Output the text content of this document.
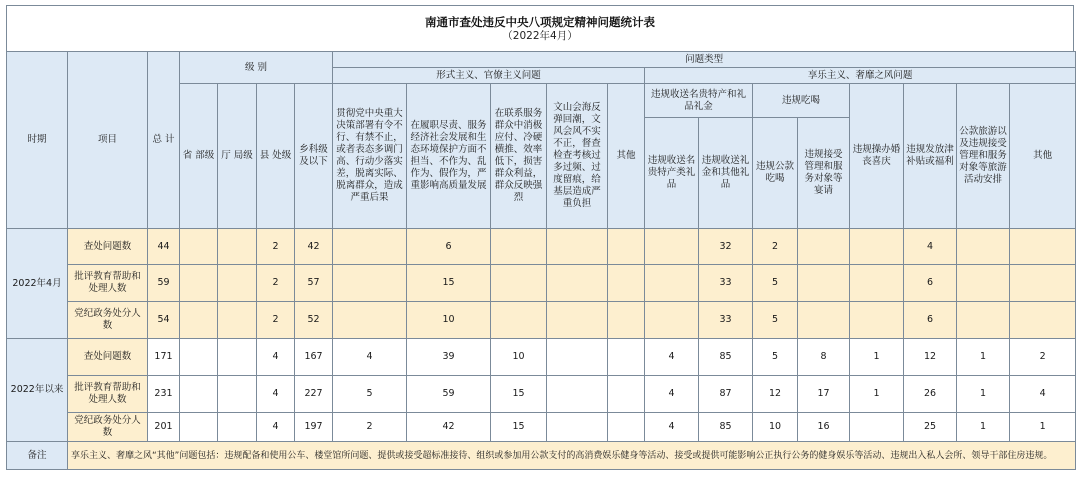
南通市查处违反中央八项规定精神问题统计表
（2022年4月）
时期	项目	总 计	级 别				问题类型												
							形式主义、官僚主义问题					享乐主义、奢靡之风问题							
			省 部级	厅 局级	县 处级	乡科级及以下	贯彻党中央重大决策部署有令不行、有禁不止，或者表态多调门高、行动少落实差，脱离实际、脱离群众，造成严重后果	在履职尽责、服务经济社会发展和生态环境保护方面不担当、不作为、乱作为、假作为，严重影响高质量发展	在联系服务群众中消极应付、冷硬横推、效率低下，损害群众利益，群众反映强烈	文山会海反弹回潮，文风会风不实不正，督查检查考核过多过频、过度留痕，给基层造成严重负担	其他	违规收送名贵特产和礼品礼金		违规吃喝		违规操办婚丧喜庆	违规发放津补贴或福利	公款旅游以及违规接受管理和服务对象等旅游活动安排	其他
												违规收送名贵特产类礼品	违规收送礼金和其他礼品	违规公款吃喝	违规接受管理和服务对象等宴请				
2022年4月	查处问题数	44			2	42		6					32	2			4		
	批评教育帮助和处理人数	59			2	57		15					33	5			6		
	党纪政务处分人数	54			2	52		10					33	5			6		
2022年以来	查处问题数	171			4	167	4	39	10			4	85	5	8	1	12	1	2
	批评教育帮助和处理人数	231			4	227	5	59	15			4	87	12	17	1	26	1	4
	党纪政务处分人数	201			4	197	2	42	15			4	85	10	16		25	1	1
备注	享乐主义、奢靡之风“其他”问题包括：违规配备和使用公车、楼堂馆所问题、提供或接受超标准接待、组织或参加用公款支付的高消费娱乐健身等活动、接受或提供可能影响公正执行公务的健身娱乐等活动、违规出入私人会所、领导干部住房违规。																		
